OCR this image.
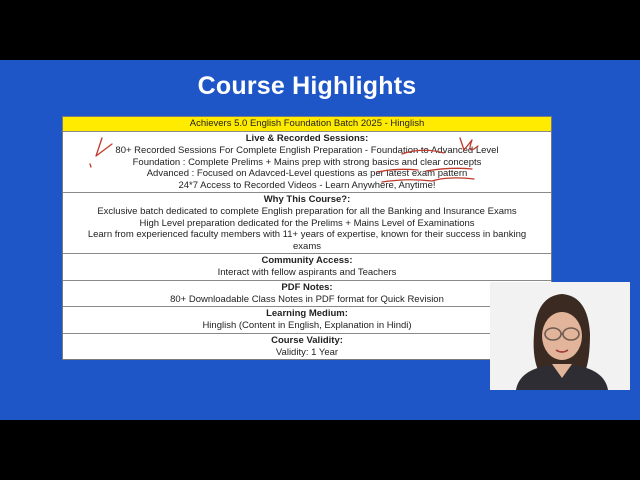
Course Highlights
Achievers 5.0 English Foundation Batch 2025 - Hinglish
Live & Recorded Sessions:
80+ Recorded Sessions For Complete English Preparation - Foundation to Advanced Level
Foundation : Complete Prelims + Mains prep with strong basics and clear concepts
Advanced : Focused on Adavced-Level questions as per latest exam pattern
24*7 Access to Recorded Videos - Learn Anywhere, Anytime!
Why This Course?:
Exclusive batch dedicated to complete English preparation for all the Banking and Insurance Exams
High Level preparation dedicated for the Prelims + Mains Level of Examinations
Learn from experienced faculty members with 11+ years of expertise, known for their success in banking
exams
Community Access:
Interact with fellow aspirants and Teachers
PDF Notes:
80+ Downloadable Class Notes in PDF format for Quick Revision
Learning Medium:
Hinglish (Content in English, Explanation in Hindi)
Course Validity:
Validity: 1 Year
